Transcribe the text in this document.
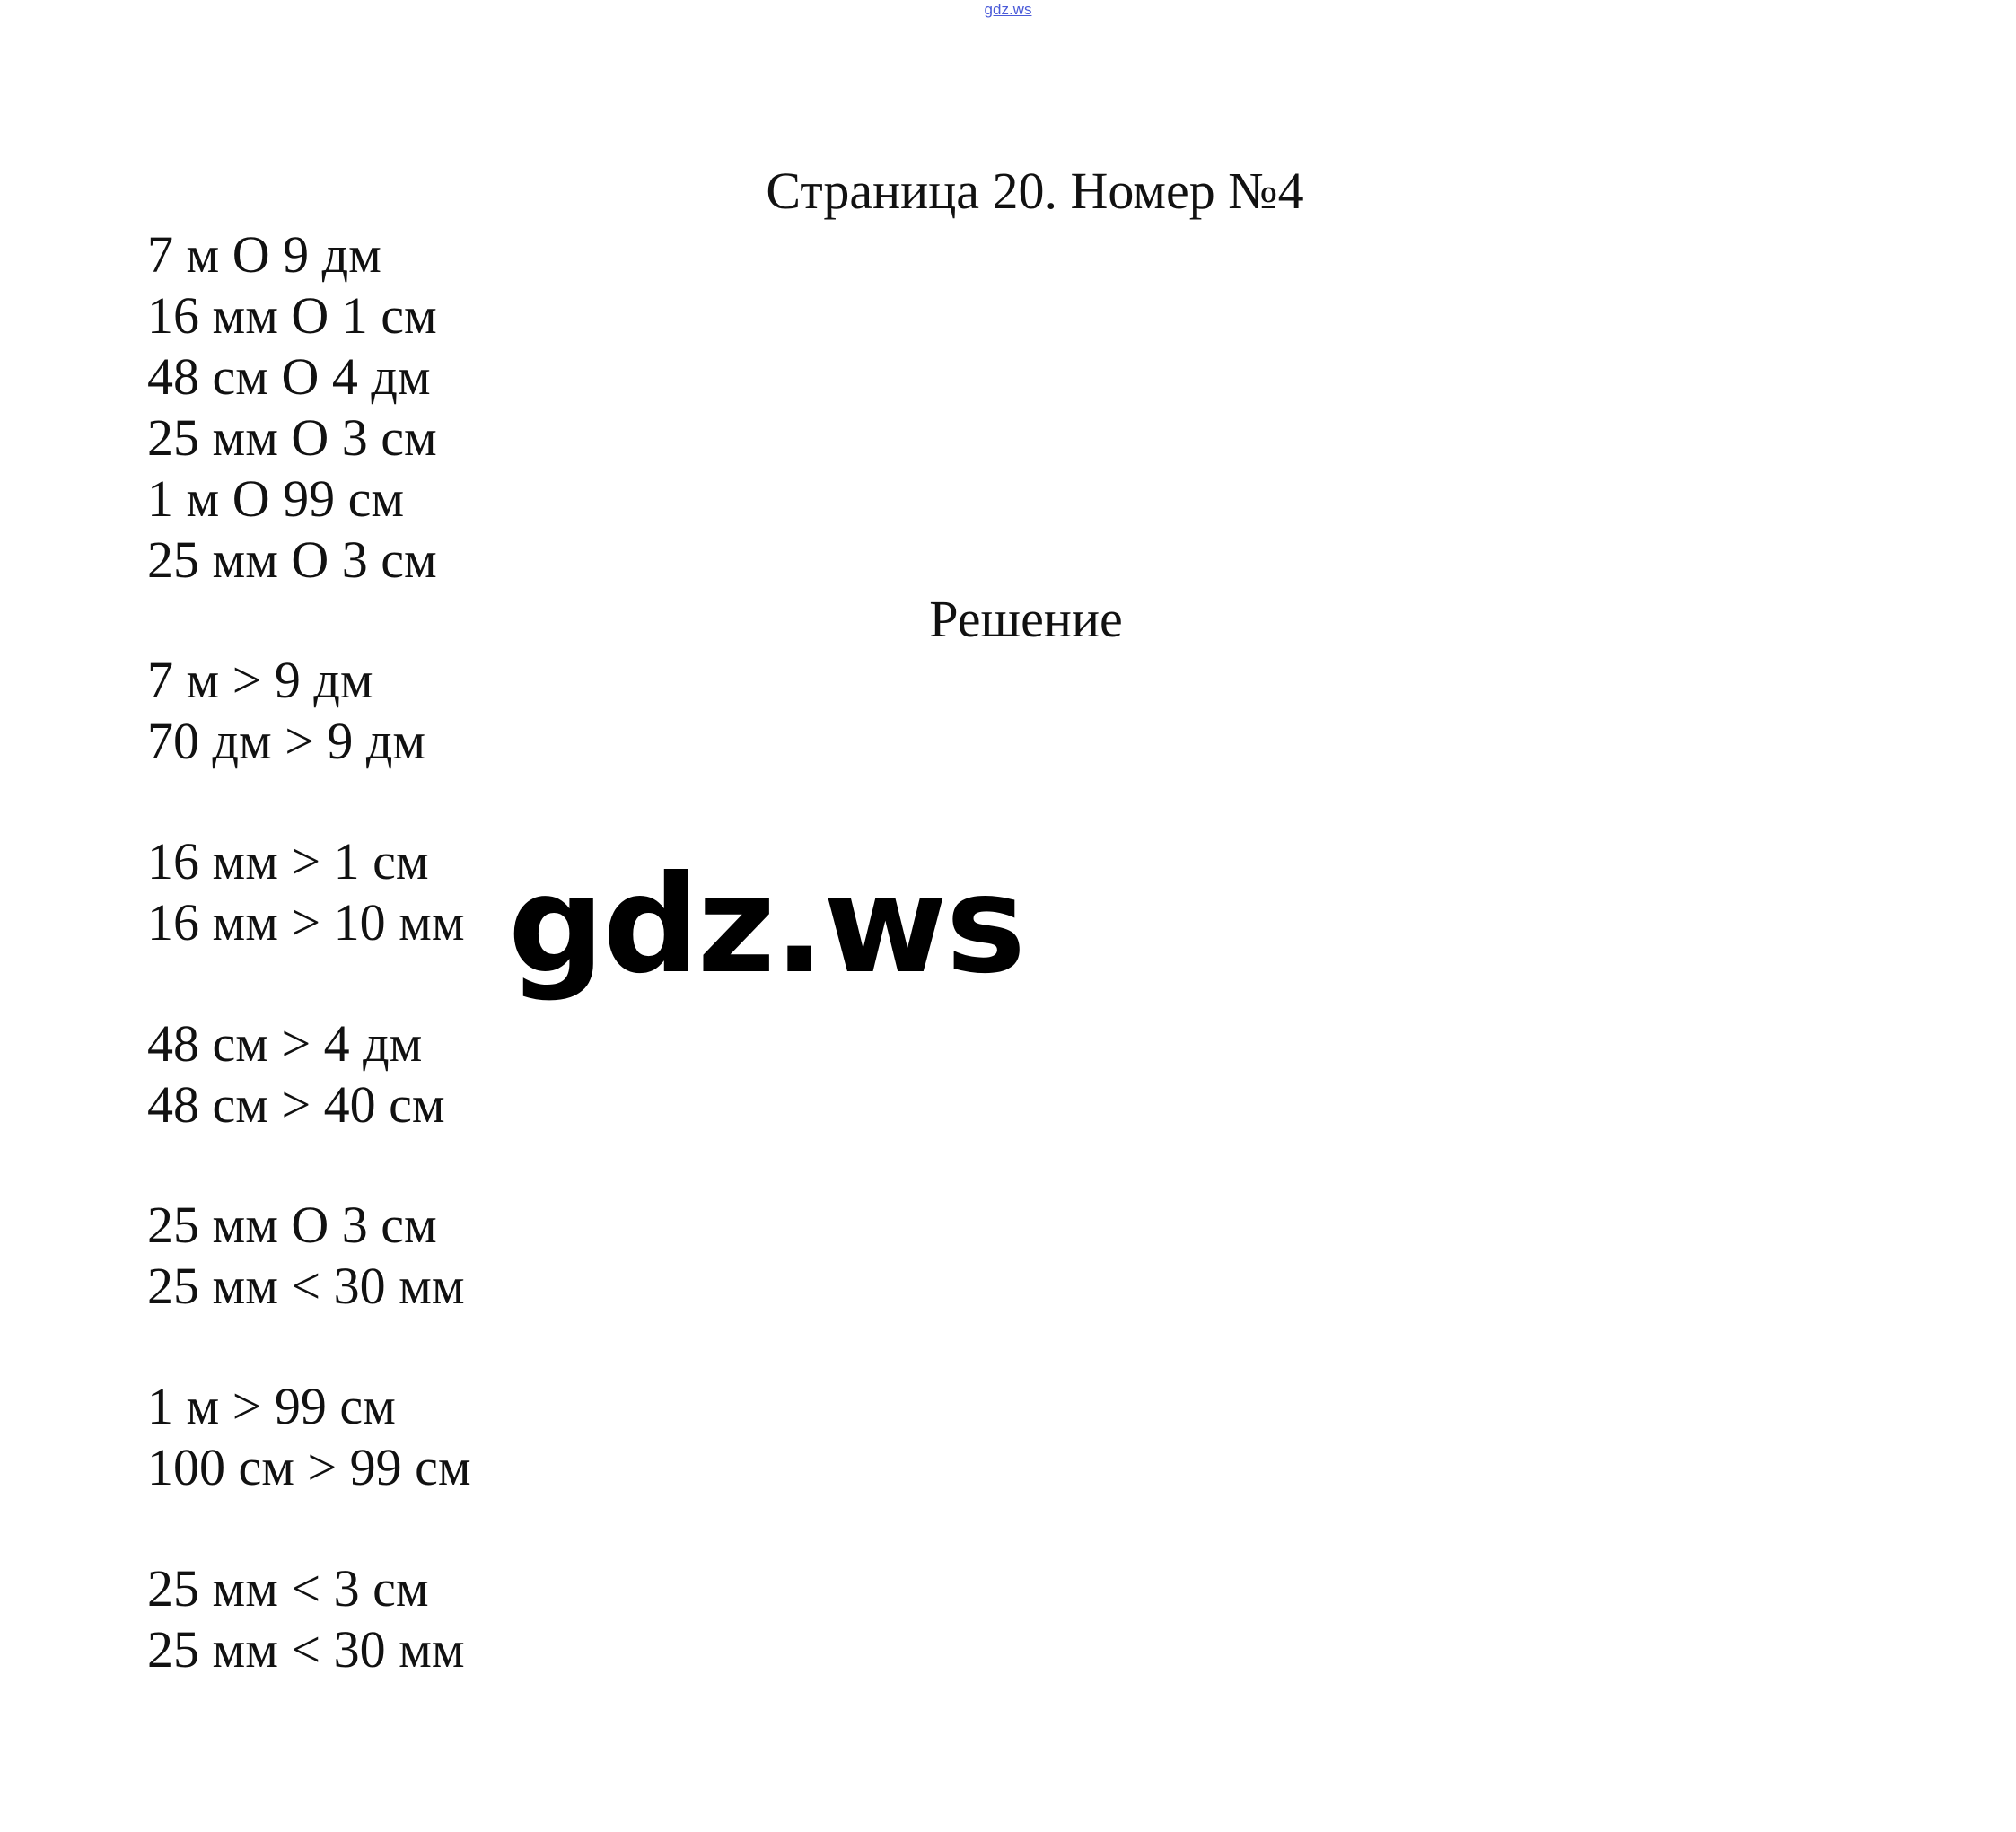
gdz.ws
Страница 20. Номер №4
7 м О 9 дм
16 мм О 1 см
48 см О 4 дм
25 мм О 3 см
1 м О 99 см
25 мм О 3 см
Решение
7 м > 9 дм
70 дм > 9 дм
16 мм > 1 см
16 мм > 10 мм
48 см > 4 дм
48 см > 40 см
25 мм О 3 см
25 мм < 30 мм
1 м > 99 см
100 см > 99 см
25 мм < 3 см
25 мм < 30 мм
gdz.ws
